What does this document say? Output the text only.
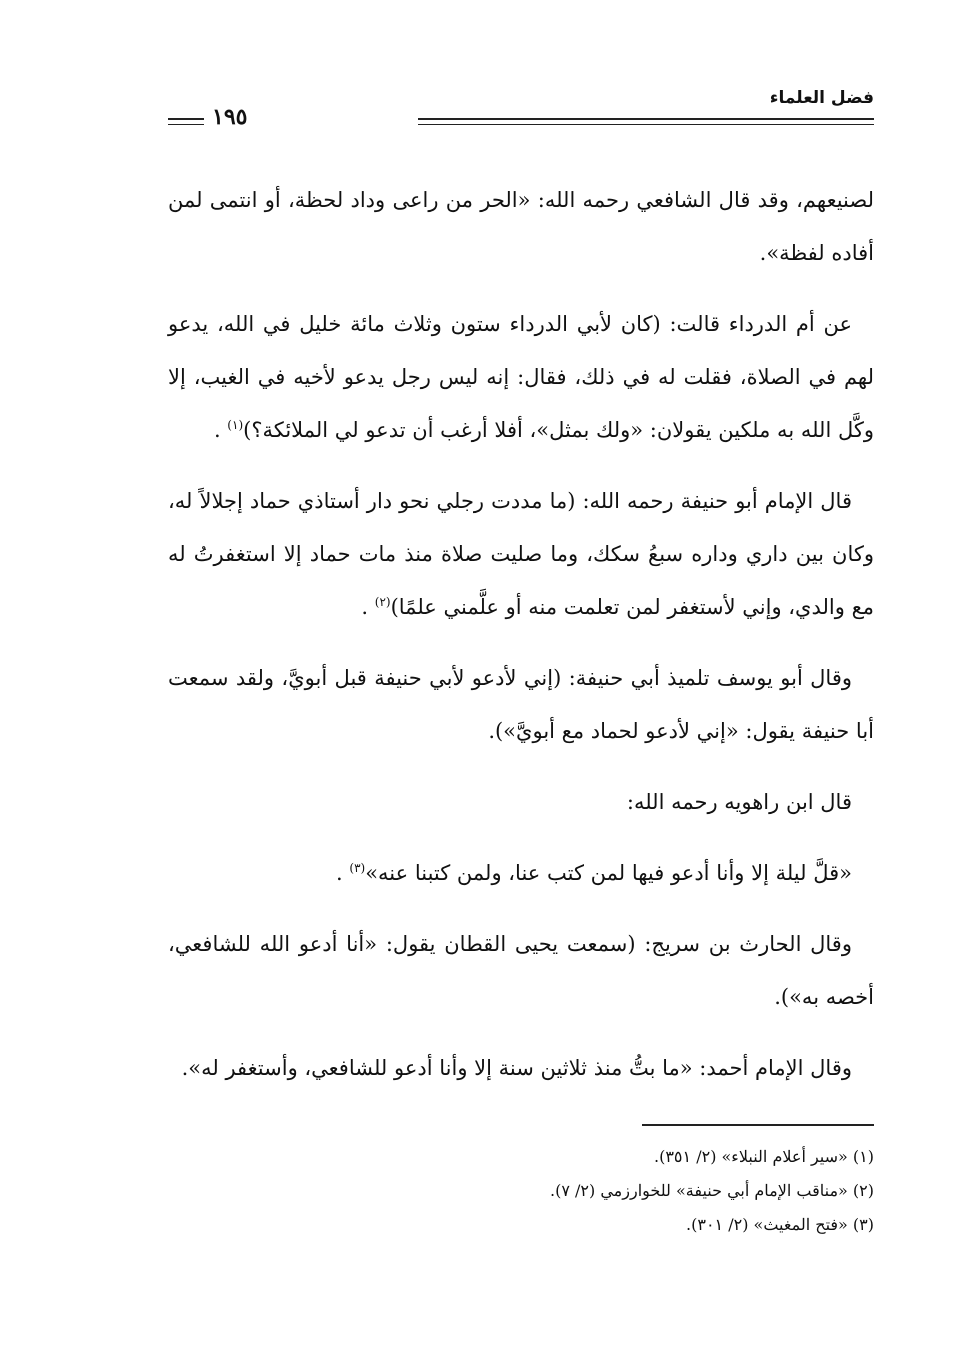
فضل العلماء
١٩٥

لصنيعهم، وقد قال الشافعي رحمه الله: «الحر من راعى وداد لحظة، أو انتمى لمن أفاده لفظة».

عن أم الدرداء قالت: (كان لأبي الدرداء ستون وثلاث مائة خليل في الله، يدعو لهم في الصلاة، فقلت له في ذلك، فقال: إنه ليس رجل يدعو لأخيه في الغيب، إلا وكَّل الله به ملكين يقولان: «ولك بمثل»، أفلا أرغب أن تدعو لي الملائكة؟)$^{(١)}$ .

قال الإمام أبو حنيفة رحمه الله: (ما مددت رجلي نحو دار أستاذي حماد إجلالاً له، وكان بين داري وداره سبعُ سكك، وما صليت صلاة منذ مات حماد إلا استغفرتُ له مع والدي، وإني لأستغفر لمن تعلمت منه أو علَّمني علمًا)$^{(٢)}$ .

وقال أبو يوسف تلميذ أبي حنيفة: (إني لأدعو لأبي حنيفة قبل أبويَّ، ولقد سمعت أبا حنيفة يقول: «إني لأدعو لحماد مع أبويَّ»).

قال ابن راهويه رحمه الله:

«قلَّ ليلة إلا وأنا أدعو فيها لمن كتب عنا، ولمن كتبنا عنه»$^{(٣)}$ .

وقال الحارث بن سريج: (سمعت يحيى القطان يقول: «أنا أدعو الله للشافعي، أخصه به»).

وقال الإمام أحمد: «ما بتُّ منذ ثلاثين سنة إلا وأنا أدعو للشافعي، وأستغفر له».

(١) «سير أعلام النبلاء» (٢/ ٣٥١).

(٢) «مناقب الإمام أبي حنيفة» للخوارزمي (٢/ ٧).

(٣) «فتح المغيث» (٢/ ٣٠١).
